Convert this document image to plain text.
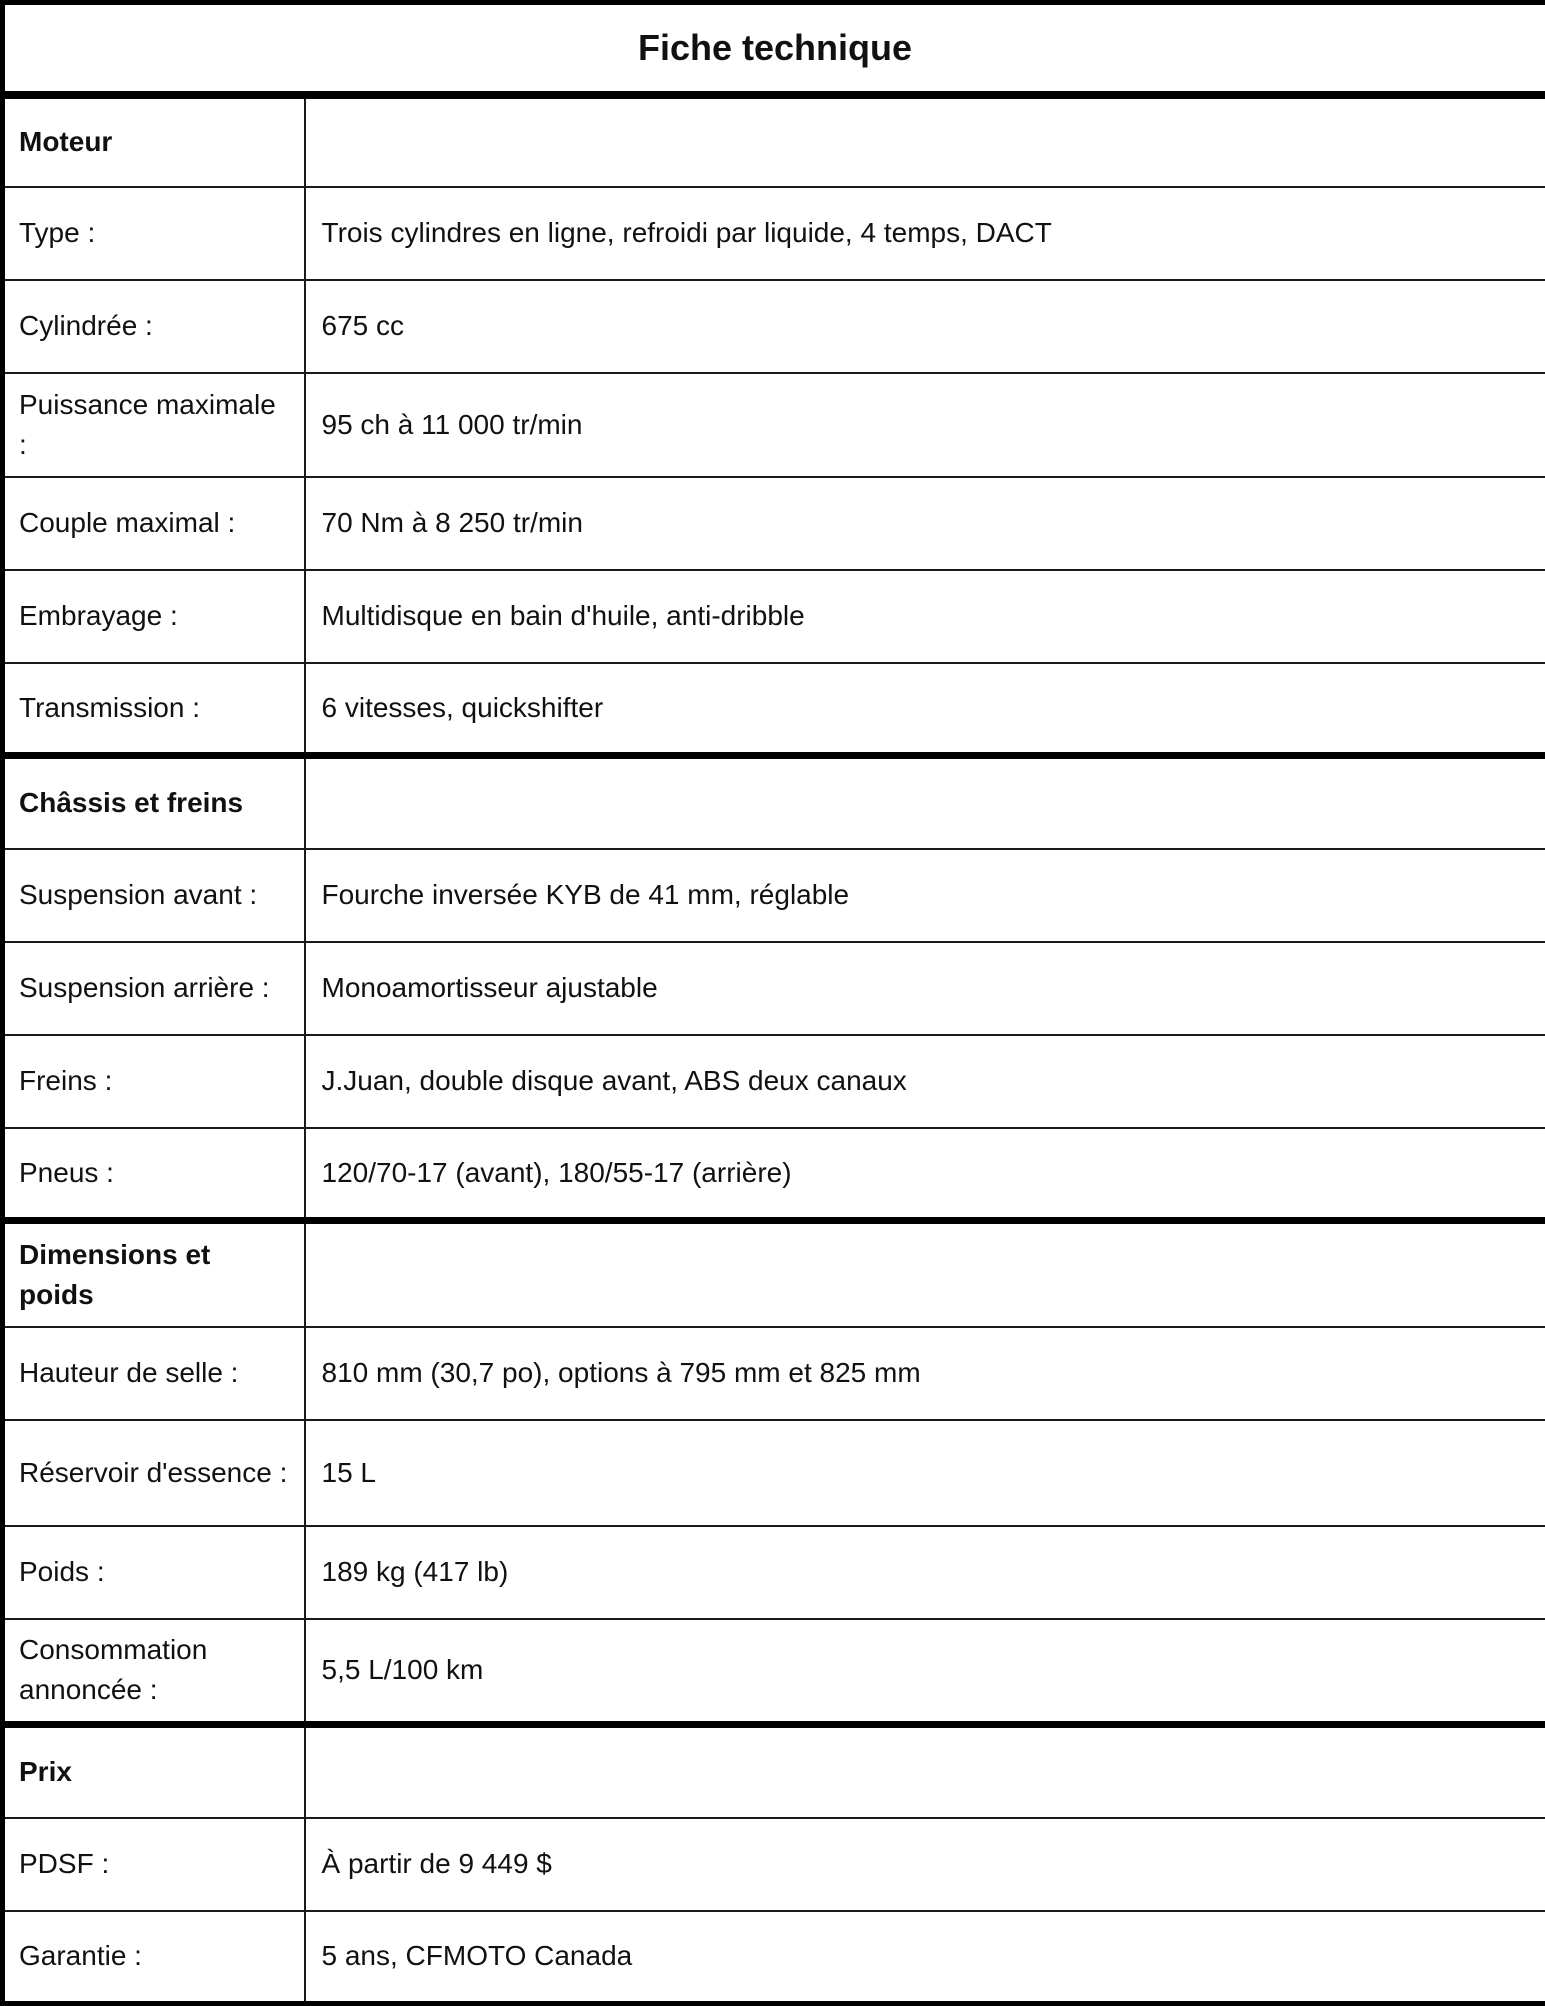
Fiche technique	
Moteur	
Type :	Trois cylindres en ligne, refroidi par liquide, 4 temps, DACT
Cylindrée :	675 cc
Puissance maximale :	95 ch à 11 000 tr/min
Couple maximal :	70 Nm à 8 250 tr/min
Embrayage :	Multidisque en bain d'huile, anti-dribble
Transmission :	6 vitesses, quickshifter
Châssis et freins	
Suspension avant :	Fourche inversée KYB de 41 mm, réglable
Suspension arrière :	Monoamortisseur ajustable
Freins :	J.Juan, double disque avant, ABS deux canaux
Pneus :	120/70-17 (avant), 180/55-17 (arrière)
Dimensions et poids	
Hauteur de selle :	810 mm (30,7 po), options à 795 mm et 825 mm
Réservoir d'essence :	15 L
Poids :	189 kg (417 lb)
Consommation annoncée :	5,5 L/100 km
Prix	
PDSF :	À partir de 9 449 $
Garantie :	5 ans, CFMOTO Canada
